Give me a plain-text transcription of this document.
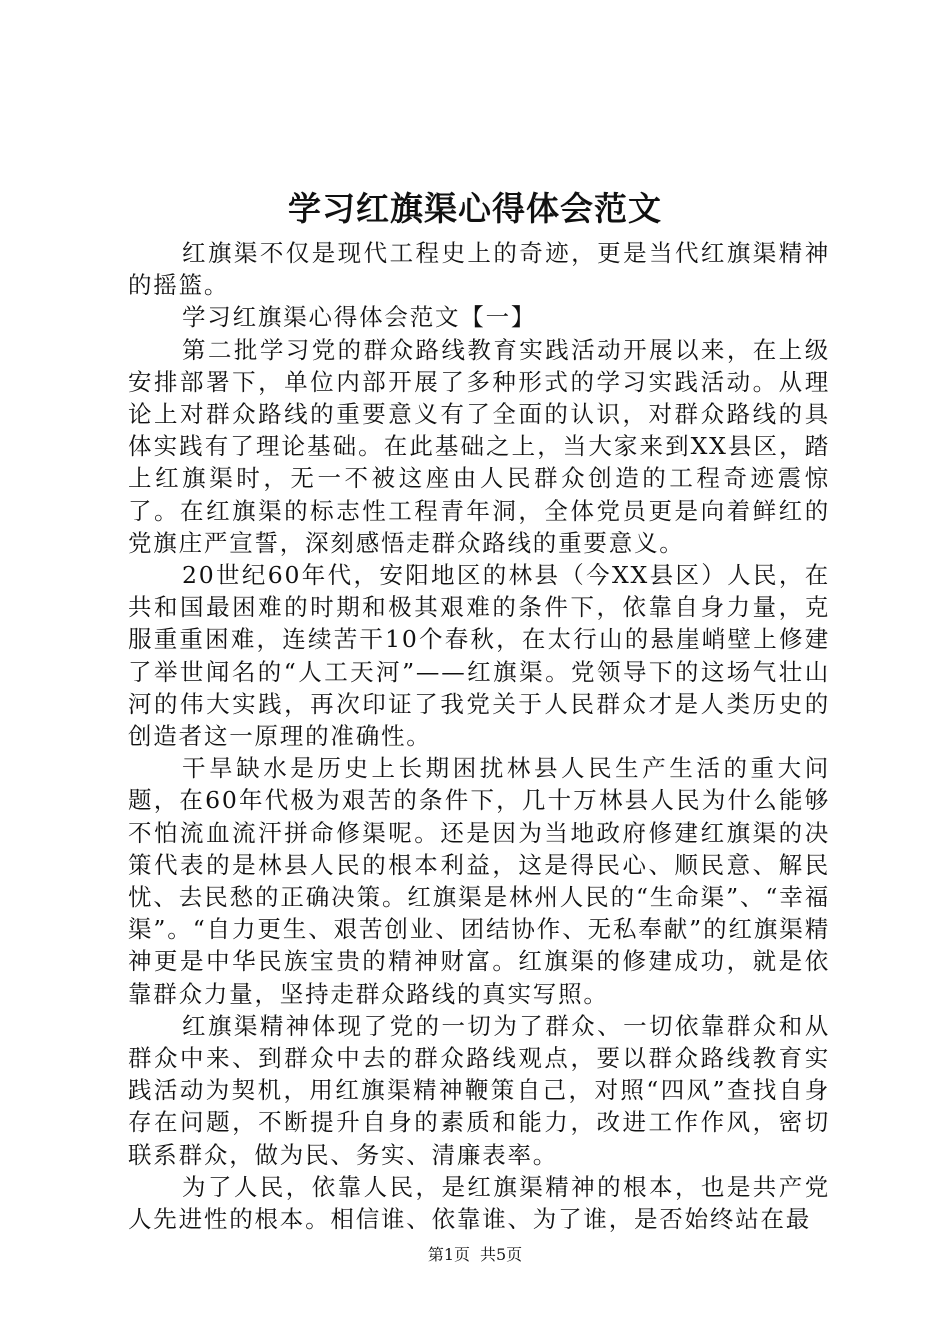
学习红旗渠心得体会范文

红旗渠不仅是现代工程史上的奇迹，更是当代红旗渠精神的摇篮。

学习红旗渠心得体会范文【一】

第二批学习党的群众路线教育实践活动开展以来，在上级安排部署下，单位内部开展了多种形式的学习实践活动。从理论上对群众路线的重要意义有了全面的认识，对群众路线的具体实践有了理论基础。在此基础之上，当大家来到XX县区，踏上红旗渠时，无一不被这座由人民群众创造的工程奇迹震惊了。在红旗渠的标志性工程青年洞，全体党员更是向着鲜红的党旗庄严宣誓，深刻感悟走群众路线的重要意义。

20世纪60年代，安阳地区的林县（今XX县区）人民，在共和国最困难的时期和极其艰难的条件下，依靠自身力量，克服重重困难，连续苦干10个春秋，在太行山的悬崖峭壁上修建了举世闻名的“人工天河”——红旗渠。党领导下的这场气壮山河的伟大实践，再次印证了我党关于人民群众才是人类历史的创造者这一原理的准确性。

干旱缺水是历史上长期困扰林县人民生产生活的重大问题，在60年代极为艰苦的条件下，几十万林县人民为什么能够不怕流血流汗拼命修渠呢。还是因为当地政府修建红旗渠的决策代表的是林县人民的根本利益，这是得民心、顺民意、解民忧、去民愁的正确决策。红旗渠是林州人民的“生命渠”、“幸福渠”。“自力更生、艰苦创业、团结协作、无私奉献”的红旗渠精神更是中华民族宝贵的精神财富。红旗渠的修建成功，就是依靠群众力量，坚持走群众路线的真实写照。

红旗渠精神体现了党的一切为了群众、一切依靠群众和从群众中来、到群众中去的群众路线观点，要以群众路线教育实践活动为契机，用红旗渠精神鞭策自己，对照“四风”查找自身存在问题，不断提升自身的素质和能力，改进工作作风，密切联系群众，做为民、务实、清廉表率。

为了人民，依靠人民，是红旗渠精神的根本，也是共产党人先进性的根本。相信谁、依靠谁、为了谁，是否始终站在最

第1页 共5页
